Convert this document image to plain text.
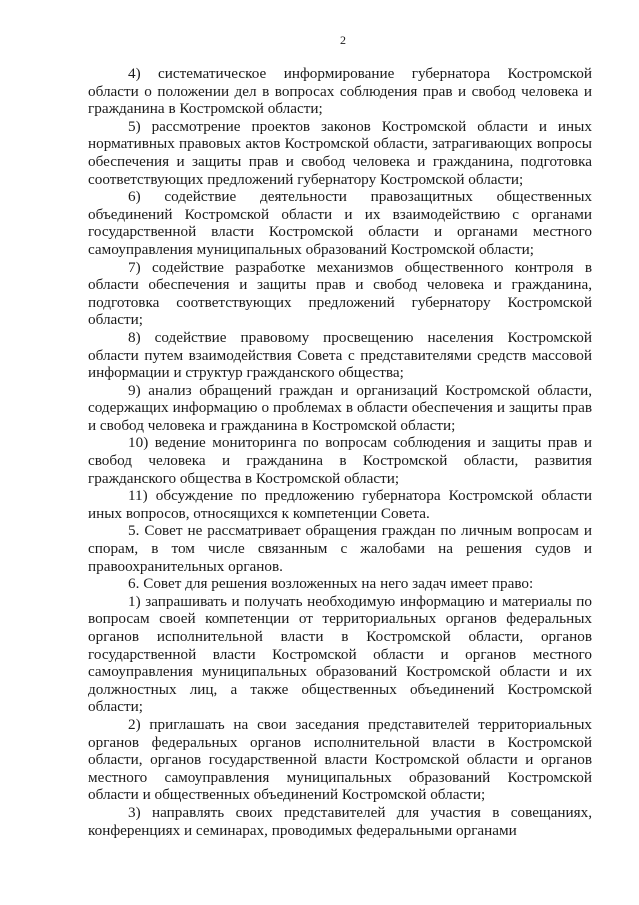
2

4) систематическое информирование губернатора Костромской области о положении дел в вопросах соблюдения прав и свобод человека и гражданина в Костромской области;

5) рассмотрение проектов законов Костромской области и иных нормативных правовых актов Костромской области, затрагивающих вопросы обеспечения и защиты прав и свобод человека и гражданина, подготовка соответствующих предложений губернатору Костромской области;

6) содействие деятельности правозащитных общественных объединений Костромской области и их взаимодействию с органами государственной власти Костромской области и органами местного самоуправления муниципальных образований Костромской области;

7) содействие разработке механизмов общественного контроля в области обеспечения и защиты прав и свобод человека и гражданина, подготовка соответствующих предложений губернатору Костромской области;

8) содействие правовому просвещению населения Костромской области путем взаимодействия Совета с представителями средств массовой информации и структур гражданского общества;

9) анализ обращений граждан и организаций Костромской области, содержащих информацию о проблемах в области обеспечения и защиты прав и свобод человека и гражданина в Костромской области;

10) ведение мониторинга по вопросам соблюдения и защиты прав и свобод человека и гражданина в Костромской области, развития гражданского общества в Костромской области;

11) обсуждение по предложению губернатора Костромской области иных вопросов, относящихся к компетенции Совета.

5. Совет не рассматривает обращения граждан по личным вопросам и спорам, в том числе связанным с жалобами на решения судов и правоохранительных органов.

6. Совет для решения возложенных на него задач имеет право:

1) запрашивать и получать необходимую информацию и материалы по вопросам своей компетенции от территориальных органов федеральных органов исполнительной власти в Костромской области, органов государственной власти Костромской области и органов местного самоуправления муниципальных образований Костромской области и их должностных лиц, а также общественных объединений Костромской области;

2) приглашать на свои заседания представителей территориальных органов федеральных органов исполнительной власти в Костромской области, органов государственной власти Костромской области и органов местного самоуправления муниципальных образований Костромской области и общественных объединений Костромской области;

3) направлять своих представителей для участия в совещаниях, конференциях и семинарах, проводимых федеральными органами
